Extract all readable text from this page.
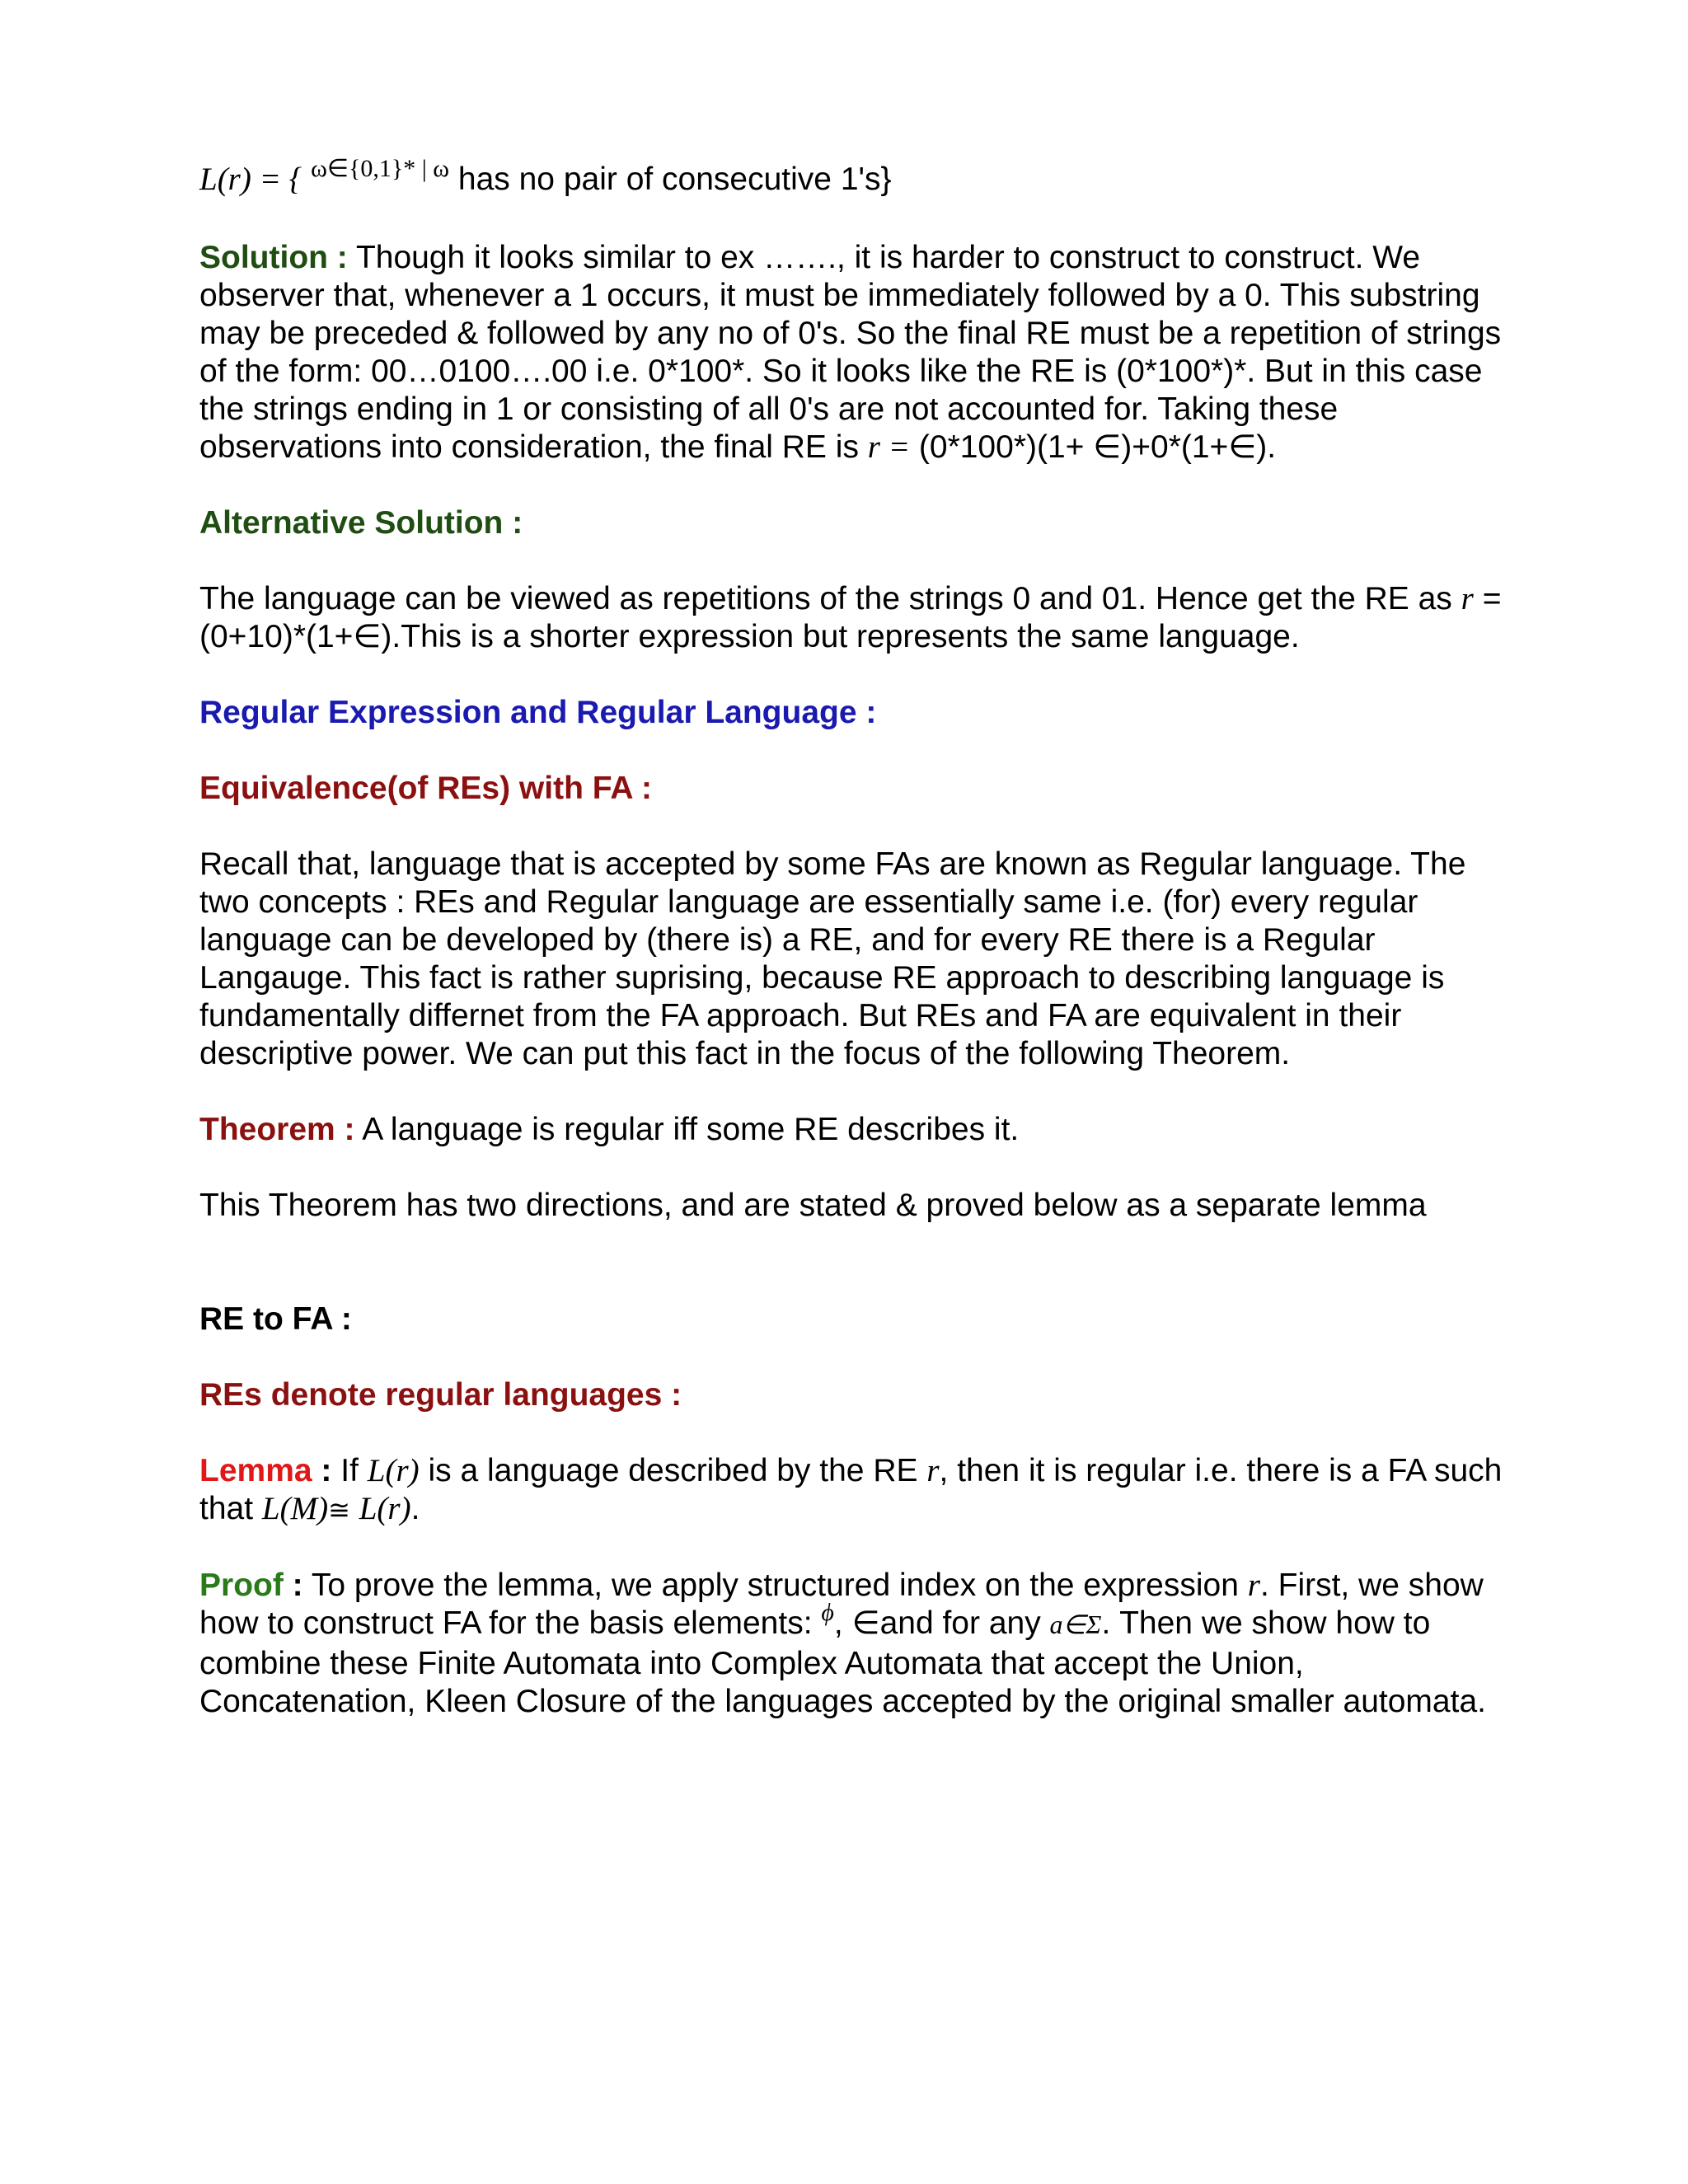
L(r) = { $^{\omega\in\{0,1\}* | \omega}$ has no pair of consecutive 1's}

Solution : Though it looks similar to ex ……., it is harder to construct to construct. We observer that, whenever a 1 occurs, it must be immediately followed by a 0. This substring may be preceded & followed by any no of 0's. So the final RE must be a repetition of strings of the form: 00…0100….00 i.e. 0*100*. So it looks like the RE is (0*100*)*. But in this case the strings ending in 1 or consisting of all 0's are not accounted for. Taking these observations into consideration, the final RE is r = (0*100*)(1+ ∈)+0*(1+∈).

Alternative Solution :

The language can be viewed as repetitions of the strings 0 and 01. Hence get the RE as r = (0+10)*(1+∈).This is a shorter expression but represents the same language.

Regular Expression and Regular Language :

Equivalence(of REs) with FA :

Recall that, language that is accepted by some FAs are known as Regular language. The two concepts : REs and Regular language are essentially same i.e. (for) every regular language can be developed by (there is) a RE, and for every RE there is a Regular Langauge. This fact is rather suprising, because RE approach to describing language is fundamentally differnet from the FA approach. But REs and FA are equivalent in their descriptive power. We can put this fact in the focus of the following Theorem.

Theorem : A language is regular iff some RE describes it.

This Theorem has two directions, and are stated & proved below as a separate lemma

RE to FA :

REs denote regular languages :

Lemma : If L(r) is a language described by the RE r, then it is regular i.e. there is a FA such that L(M)≅ L(r).

Proof : To prove the lemma, we apply structured index on the expression r. First, we show how to construct FA for the basis elements: $^\phi$, ∈and for any a∈Σ. Then we show how to combine these Finite Automata into Complex Automata that accept the Union, Concatenation, Kleen Closure of the languages accepted by the original smaller automata.
